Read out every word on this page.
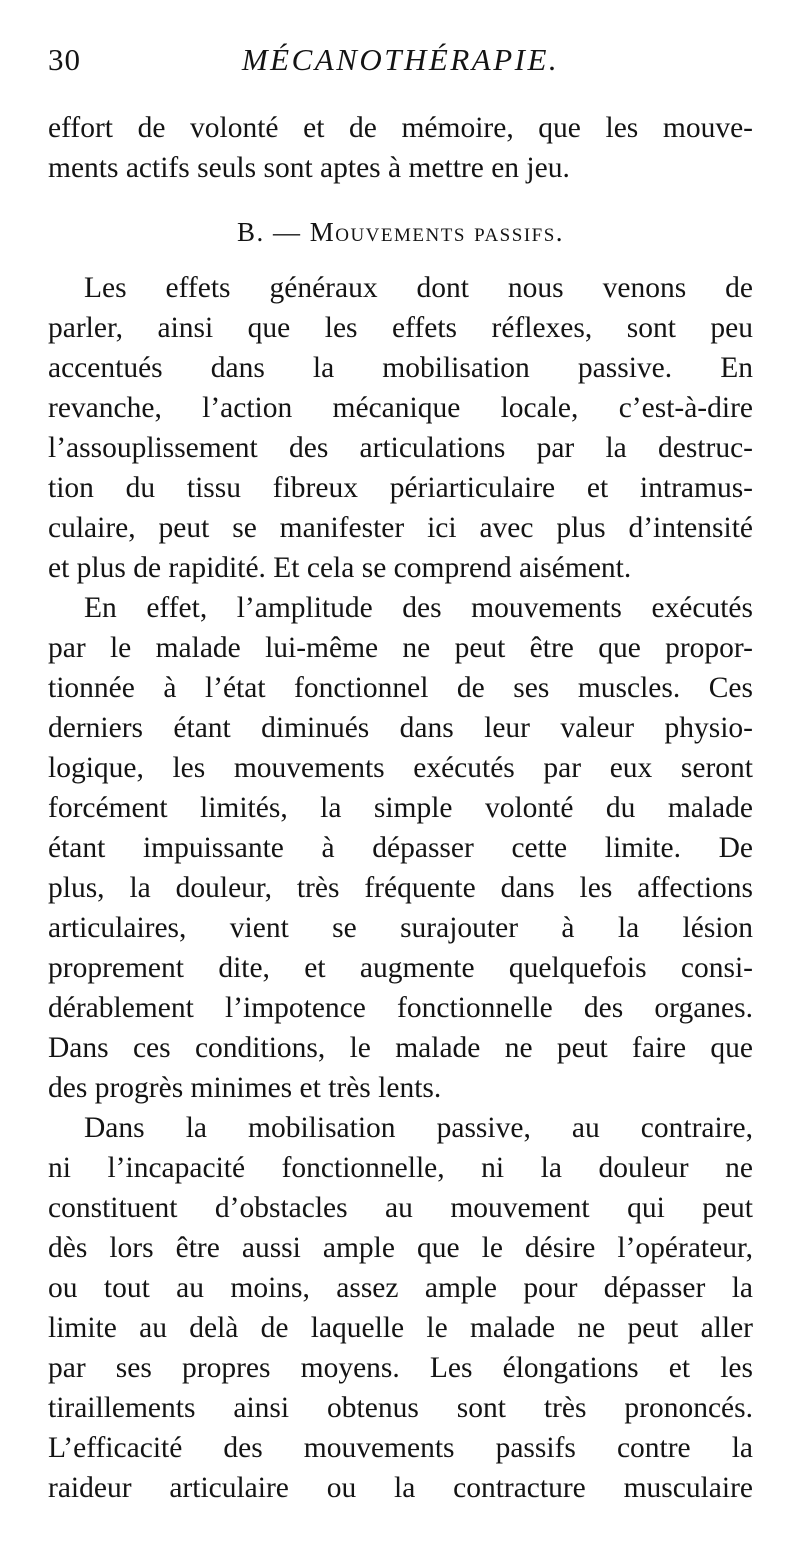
30	MÉCANOTHÉRAPIE.
effort de volonté et de mémoire, que les mouve-
ments actifs seuls sont aptes à mettre en jeu.
B. — Mouvements passifs.
Les effets généraux dont nous venons de
parler, ainsi que les effets réflexes, sont peu
accentués dans la mobilisation passive. En
revanche, l’action mécanique locale, c’est-à-dire
l’assouplissement des articulations par la destruc-
tion du tissu fibreux périarticulaire et intramus-
culaire, peut se manifester ici avec plus d’intensité
et plus de rapidité. Et cela se comprend aisément.
En effet, l’amplitude des mouvements exécutés
par le malade lui-même ne peut être que propor-
tionnée à l’état fonctionnel de ses muscles. Ces
derniers étant diminués dans leur valeur physio-
logique, les mouvements exécutés par eux seront
forcément limités, la simple volonté du malade
étant impuissante à dépasser cette limite. De
plus, la douleur, très fréquente dans les affections
articulaires, vient se surajouter à la lésion
proprement dite, et augmente quelquefois consi-
dérablement l’impotence fonctionnelle des organes.
Dans ces conditions, le malade ne peut faire que
des progrès minimes et très lents.
Dans la mobilisation passive, au contraire,
ni l’incapacité fonctionnelle, ni la douleur ne
constituent d’obstacles au mouvement qui peut
dès lors être aussi ample que le désire l’opérateur,
ou tout au moins, assez ample pour dépasser la
limite au delà de laquelle le malade ne peut aller
par ses propres moyens. Les élongations et les
tiraillements ainsi obtenus sont très prononcés.
L’efficacité des mouvements passifs contre la
raideur articulaire ou la contracture musculaire
